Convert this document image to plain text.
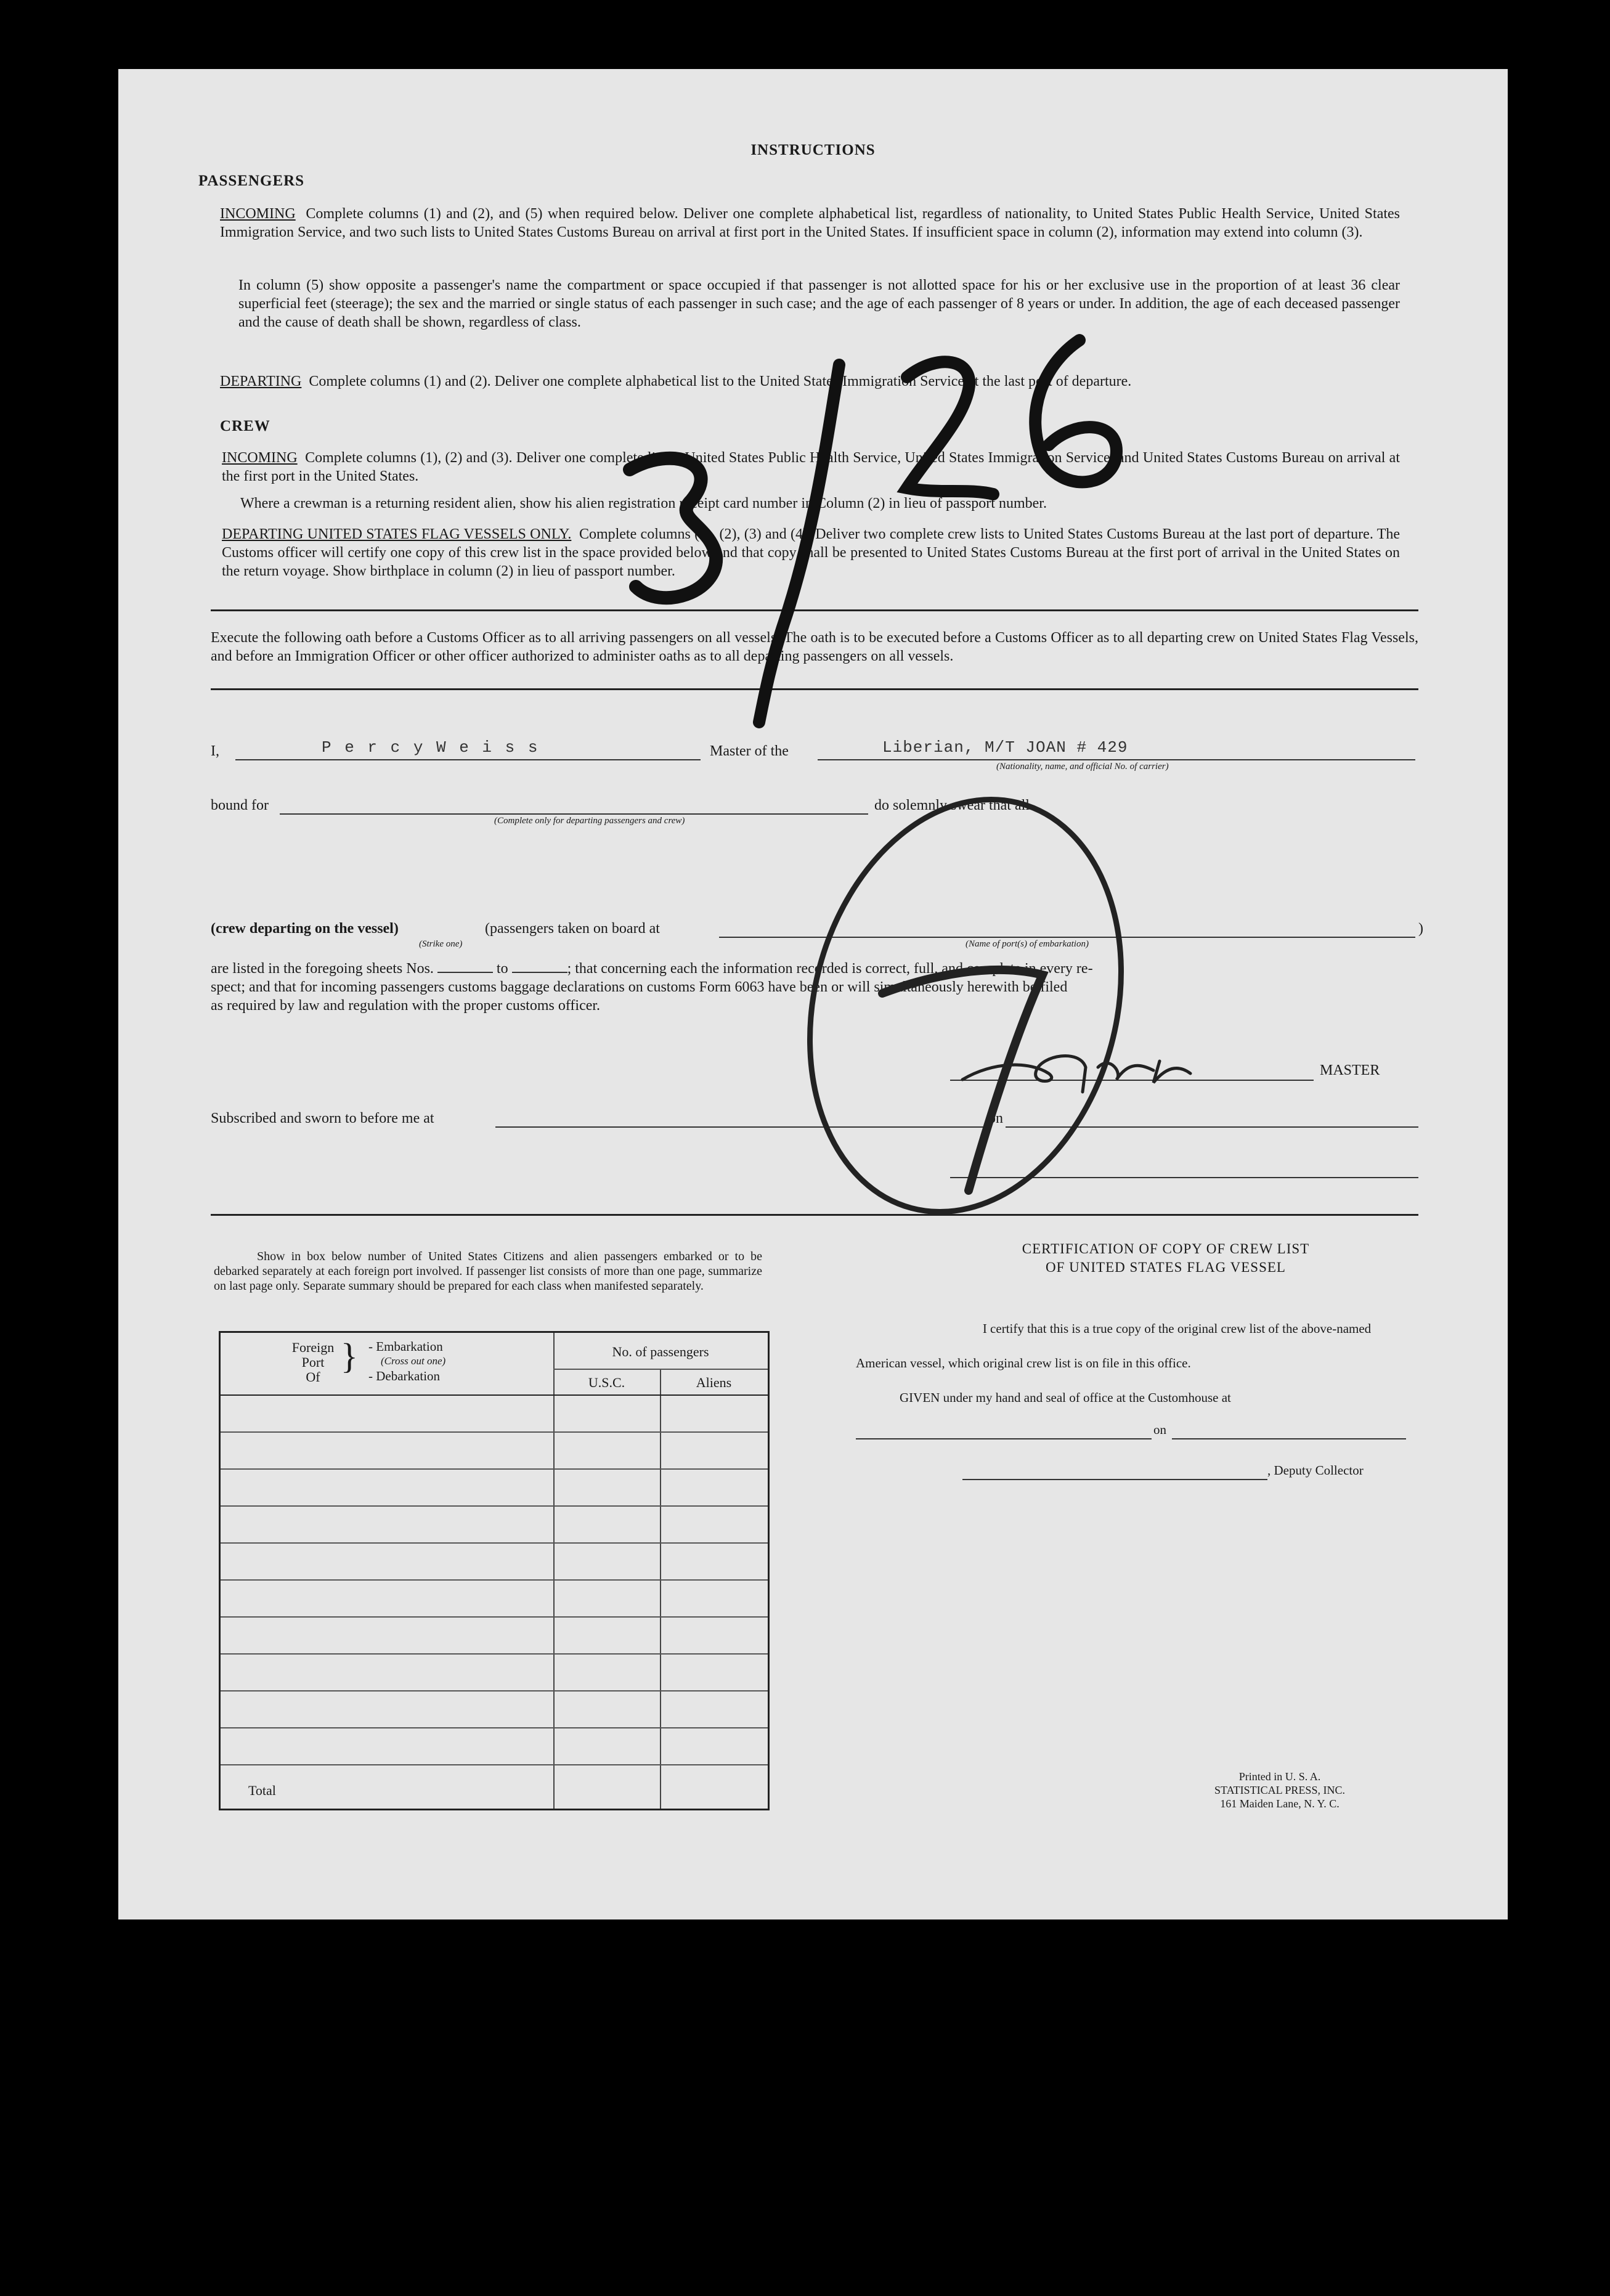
INSTRUCTIONS
PASSENGERS
INCOMING Complete columns (1) and (2), and (5) when required below. Deliver one complete alphabetical list, regardless of nationality, to United States Public Health Service, United States Immigration Service, and two such lists to United States Customs Bureau on arrival at first port in the United States. If insufficient space in column (2), information may extend into column (3).
In column (5) show opposite a passenger's name the compartment or space occupied if that passenger is not allotted space for his or her exclusive use in the proportion of at least 36 clear superficial feet (steerage); the sex and the married or single status of each passenger in such case; and the age of each passenger of 8 years or under. In addition, the age of each deceased passenger and the cause of death shall be shown, regardless of class.
DEPARTING Complete columns (1) and (2). Deliver one complete alphabetical list to the United States Immigration Service at the last port of departure.
CREW
INCOMING Complete columns (1), (2) and (3). Deliver one complete list to United States Public Health Service, United States Immigration Service, and United States Customs Bureau on arrival at the first port in the United States.
Where a crewman is a returning resident alien, show his alien registration receipt card number in Column (2) in lieu of passport number.
DEPARTING UNITED STATES FLAG VESSELS ONLY. Complete columns (1), (2), (3) and (4). Deliver two complete crew lists to United States Customs Bureau at the last port of departure. The Customs officer will certify one copy of this crew list in the space provided below and that copy shall be presented to United States Customs Bureau at the first port of arrival in the United States on the return voyage. Show birthplace in column (2) in lieu of passport number.
Execute the following oath before a Customs Officer as to all arriving passengers on all vessels. The oath is to be executed before a Customs Officer as to all departing crew on United States Flag Vessels, and before an Immigration Officer or other officer authorized to administer oaths as to all departing passengers on all vessels.
I,	P e r c y W e i s s	Master of the	Liberian, M/T JOAN # 429
(Nationality, name, and official No. of carrier)
bound for
(Complete only for departing passengers and crew)
do solemnly swear that all
(crew departing on the vessel)	(passengers taken on board at
(Strike one)	(Name of port(s) of embarkation)
)
are listed in the foregoing sheets Nos.	to	; that concerning each the information recorded is correct, full, and complete in every re-
spect; and that for incoming passengers customs baggage declarations on customs Form 6063 have been or will simultaneously herewith be filed
as required by law and regulation with the proper customs officer.
MASTER
Subscribed and sworn to before me at	on
Show in box below number of United States Citizens and alien passengers embarked or to be debarked separately at each foreign port involved. If passenger list consists of more than one page, summarize on last page only. Separate summary should be prepared for each class when manifested separately.
Foreign
Port
Of
} - Embarkation
(Cross out one)
- Debarkation
No. of passengers
U.S.C.	Aliens
Total
CERTIFICATION OF COPY OF CREW LIST
OF UNITED STATES FLAG VESSEL
I certify that this is a true copy of the original crew list of the above-named
American vessel, which original crew list is on file in this office.
GIVEN under my hand and seal of office at the Customhouse at
on
, Deputy Collector
Printed in U. S. A.
STATISTICAL PRESS, INC.
161 Maiden Lane, N. Y. C.
